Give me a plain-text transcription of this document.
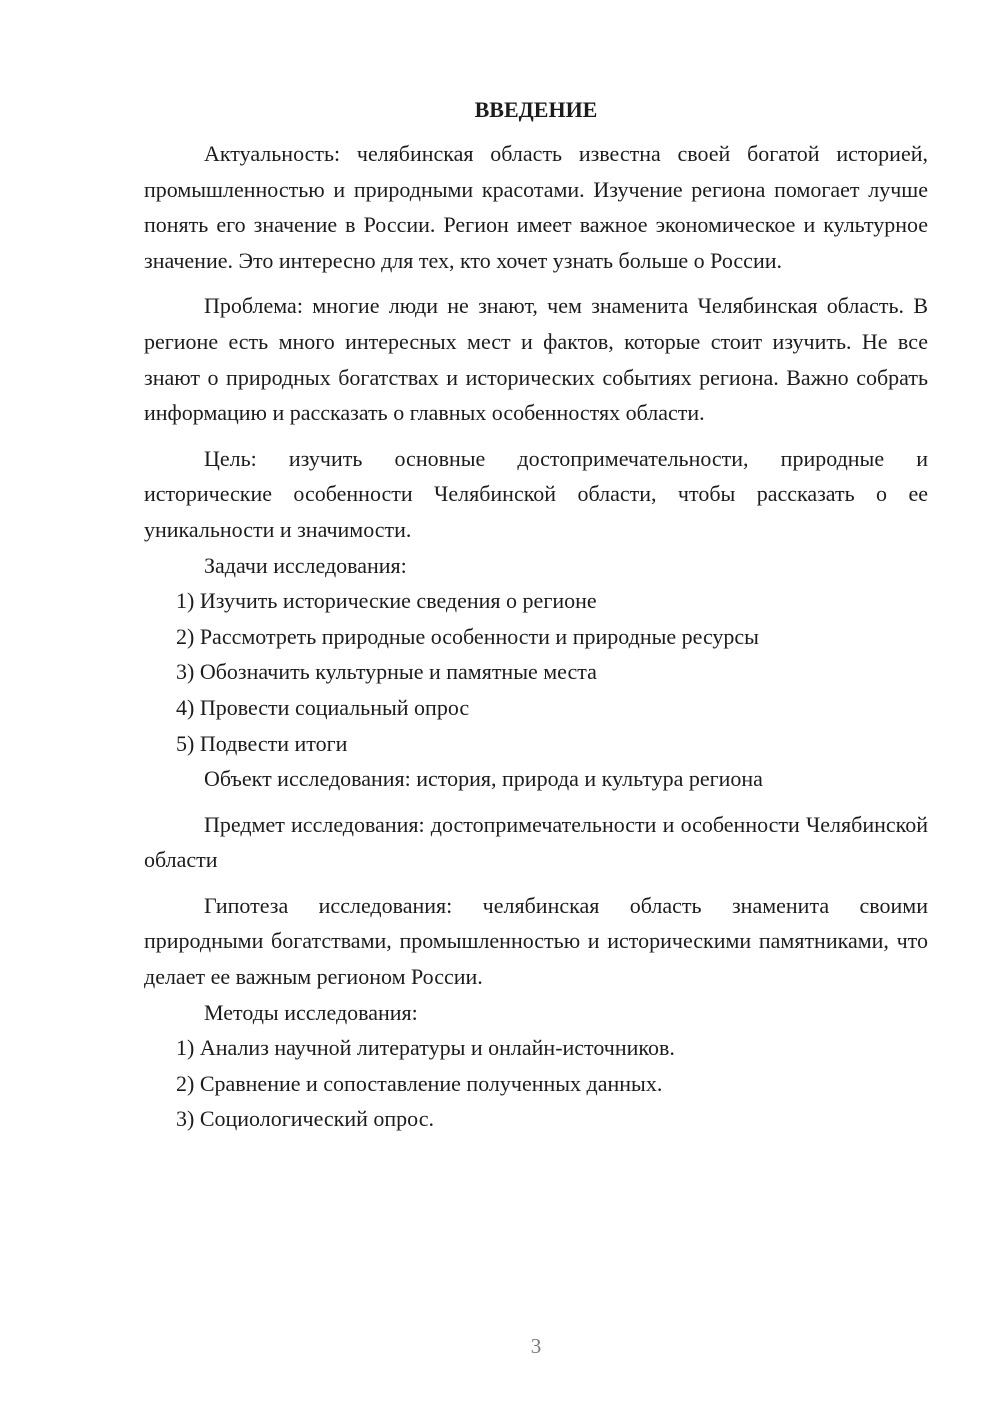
ВВЕДЕНИЕ

Актуальность: челябинская область известна своей богатой историей, промышленностью и природными красотами. Изучение региона помогает лучше понять его значение в России. Регион имеет важное экономическое и культурное значение. Это интересно для тех, кто хочет узнать больше о России.

Проблема: многие люди не знают, чем знаменита Челябинская область. В регионе есть много интересных мест и фактов, которые стоит изучить. Не все знают о природных богатствах и исторических событиях региона. Важно собрать информацию и рассказать о главных особенностях области.

Цель: изучить основные достопримечательности, природные и исторические особенности Челябинской области, чтобы рассказать о ее уникальности и значимости.

Задачи исследования:

1) Изучить исторические сведения о регионе

2) Рассмотреть природные особенности и природные ресурсы

3) Обозначить культурные и памятные места

4) Провести социальный опрос

5) Подвести итоги

Объект исследования: история, природа и культура региона

Предмет исследования: достопримечательности и особенности Челябинской области

Гипотеза исследования: челябинская область знаменита своими природными богатствами, промышленностью и историческими памятниками, что делает ее важным регионом России.

Методы исследования:

1) Анализ научной литературы и онлайн-источников.

2) Сравнение и сопоставление полученных данных.

3) Социологический опрос.

3
